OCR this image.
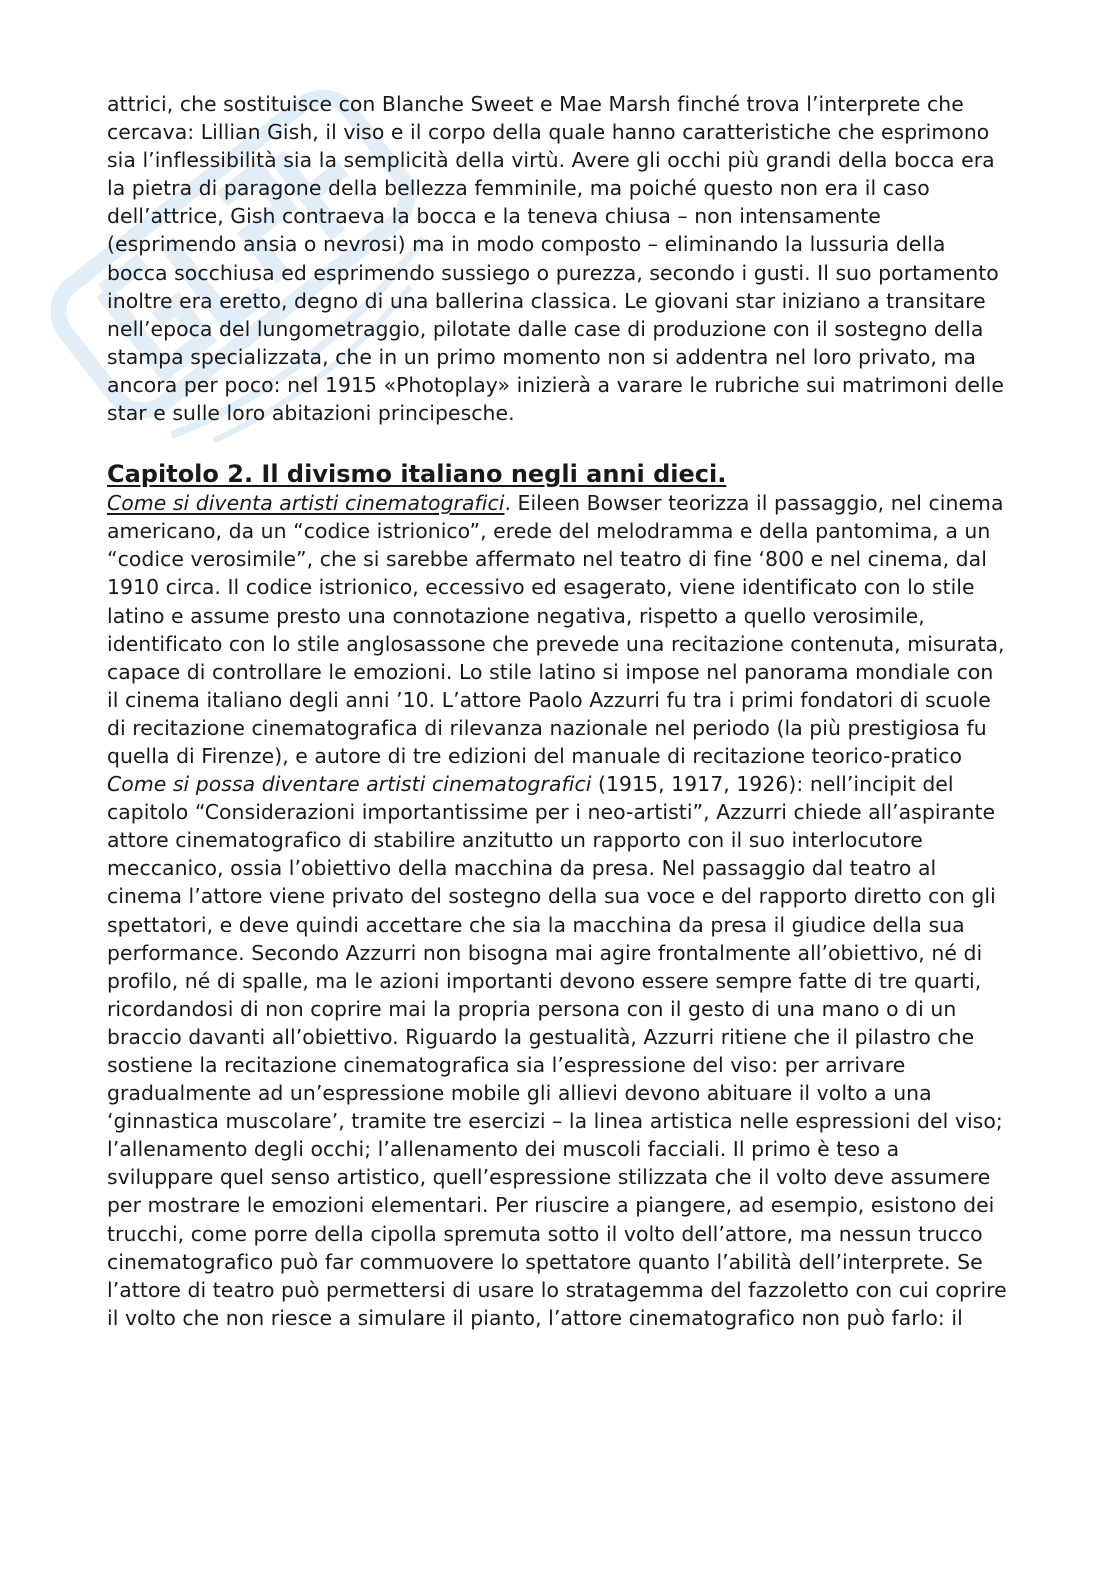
attrici, che sostituisce con Blanche Sweet e Mae Marsh finché trova l’interprete che cercava: Lillian Gish, il viso e il corpo della quale hanno caratteristiche che esprimono sia l’inflessibilità sia la semplicità della virtù. Avere gli occhi più grandi della bocca era la pietra di paragone della bellezza femminile, ma poiché questo non era il caso dell’attrice, Gish contraeva la bocca e la teneva chiusa – non intensamente (esprimendo ansia o nevrosi) ma in modo composto – eliminando la lussuria della bocca socchiusa ed esprimendo sussiego o purezza, secondo i gusti. Il suo portamento inoltre era eretto, degno di una ballerina classica. Le giovani star iniziano a transitare nell’epoca del lungometraggio, pilotate dalle case di produzione con il sostegno della stampa specializzata, che in un primo momento non si addentra nel loro privato, ma ancora per poco: nel 1915 «Photoplay» inizierà a varare le rubriche sui matrimoni delle star e sulle loro abitazioni principesche.

Capitolo 2. Il divismo italiano negli anni dieci.

Come si diventa artisti cinematografici. Eileen Bowser teorizza il passaggio, nel cinema americano, da un “codice istrionico”, erede del melodramma e della pantomima, a un “codice verosimile”, che si sarebbe affermato nel teatro di fine ‘800 e nel cinema, dal 1910 circa. Il codice istrionico, eccessivo ed esagerato, viene identificato con lo stile latino e assume presto una connotazione negativa, rispetto a quello verosimile, identificato con lo stile anglosassone che prevede una recitazione contenuta, misurata, capace di controllare le emozioni. Lo stile latino si impose nel panorama mondiale con il cinema italiano degli anni ’10. L’attore Paolo Azzurri fu tra i primi fondatori di scuole di recitazione cinematografica di rilevanza nazionale nel periodo (la più prestigiosa fu quella di Firenze), e autore di tre edizioni del manuale di recitazione teorico-pratico Come si possa diventare artisti cinematografici (1915, 1917, 1926): nell’incipit del capitolo “Considerazioni importantissime per i neo-artisti”, Azzurri chiede all’aspirante attore cinematografico di stabilire anzitutto un rapporto con il suo interlocutore meccanico, ossia l’obiettivo della macchina da presa. Nel passaggio dal teatro al cinema l’attore viene privato del sostegno della sua voce e del rapporto diretto con gli spettatori, e deve quindi accettare che sia la macchina da presa il giudice della sua performance. Secondo Azzurri non bisogna mai agire frontalmente all’obiettivo, né di profilo, né di spalle, ma le azioni importanti devono essere sempre fatte di tre quarti, ricordandosi di non coprire mai la propria persona con il gesto di una mano o di un braccio davanti all’obiettivo. Riguardo la gestualità, Azzurri ritiene che il pilastro che sostiene la recitazione cinematografica sia l’espressione del viso: per arrivare gradualmente ad un’espressione mobile gli allievi devono abituare il volto a una ‘ginnastica muscolare’, tramite tre esercizi – la linea artistica nelle espressioni del viso; l’allenamento degli occhi; l’allenamento dei muscoli facciali. Il primo è teso a sviluppare quel senso artistico, quell’espressione stilizzata che il volto deve assumere per mostrare le emozioni elementari. Per riuscire a piangere, ad esempio, esistono dei trucchi, come porre della cipolla spremuta sotto il volto dell’attore, ma nessun trucco cinematografico può far commuovere lo spettatore quanto l’abilità dell’interprete. Se l’attore di teatro può permettersi di usare lo stratagemma del fazzoletto con cui coprire il volto che non riesce a simulare il pianto, l’attore cinematografico non può farlo: il
